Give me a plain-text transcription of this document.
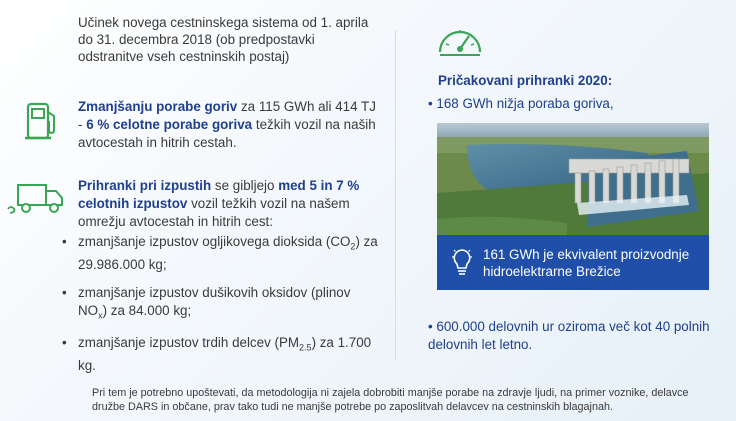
Učinek novega cestninskega sistema od 1. aprila do 31. decembra 2018 (ob predpostavki odstranitve vseh cestninskih postaj)
Zmanjšanju porabe goriv za 115 GWh ali 414 TJ - 6 % celotne porabe goriva težkih vozil na naših avtocestah in hitrih cestah.
Prihranki pri izpustih se gibljejo med 5 in 7 % celotnih izpustov vozil težkih vozil na našem omrežju avtocestah in hitrih cest:
• zmanjšanje izpustov ogljikovega dioksida $(CO_2)$ za 29.986.000 kg;
• zmanjšanje izpustov dušikovih oksidov (plinov $NO_x$) za 84.000 kg;
• zmanjšanje izpustov trdih delcev $(PM_{2.5})$ za 1.700 kg.
Pričakovani prihranki 2020:
• 168 GWh nižja poraba goriva,
161 GWh je ekvivalent proizvodnje hidroelektrarne Brežice
• 600.000 delovnih ur oziroma več kot 40 polnih delovnih let letno.
Pri tem je potrebno upoštevati, da metodologija ni zajela dobrobiti manjše porabe na zdravje ljudi, na primer voznike, delavce družbe DARS in občane, prav tako tudi ne manjše potrebe po zaposlitvah delavcev na cestninskih blagajnah.
